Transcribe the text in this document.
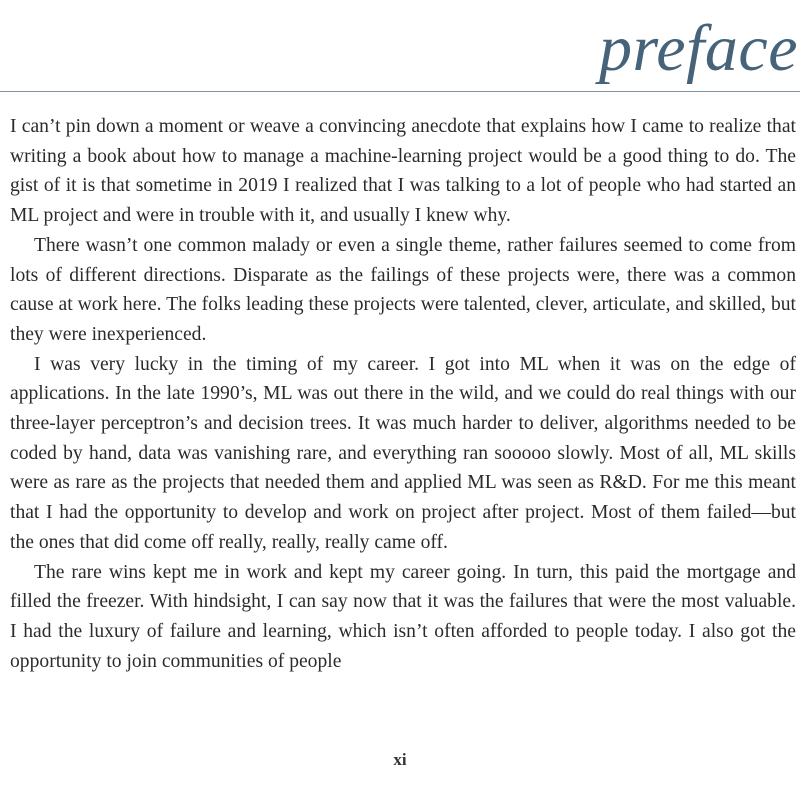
preface

I can’t pin down a moment or weave a convincing anecdote that explains how I came to realize that writing a book about how to manage a machine-learning project would be a good thing to do. The gist of it is that sometime in 2019 I realized that I was talking to a lot of people who had started an ML project and were in trouble with it, and usually I knew why.

There wasn’t one common malady or even a single theme, rather failures seemed to come from lots of different directions. Disparate as the failings of these projects were, there was a common cause at work here. The folks leading these projects were talented, clever, articulate, and skilled, but they were inexperienced.

I was very lucky in the timing of my career. I got into ML when it was on the edge of applications. In the late 1990’s, ML was out there in the wild, and we could do real things with our three-layer perceptron’s and decision trees. It was much harder to deliver, algorithms needed to be coded by hand, data was vanishing rare, and everything ran sooooo slowly. Most of all, ML skills were as rare as the projects that needed them and applied ML was seen as R&D. For me this meant that I had the opportunity to develop and work on project after project. Most of them failed—but the ones that did come off really, really, really came off.

The rare wins kept me in work and kept my career going. In turn, this paid the mortgage and filled the freezer. With hindsight, I can say now that it was the failures that were the most valuable. I had the luxury of failure and learning, which isn’t often afforded to people today. I also got the opportunity to join communities of people

xi
